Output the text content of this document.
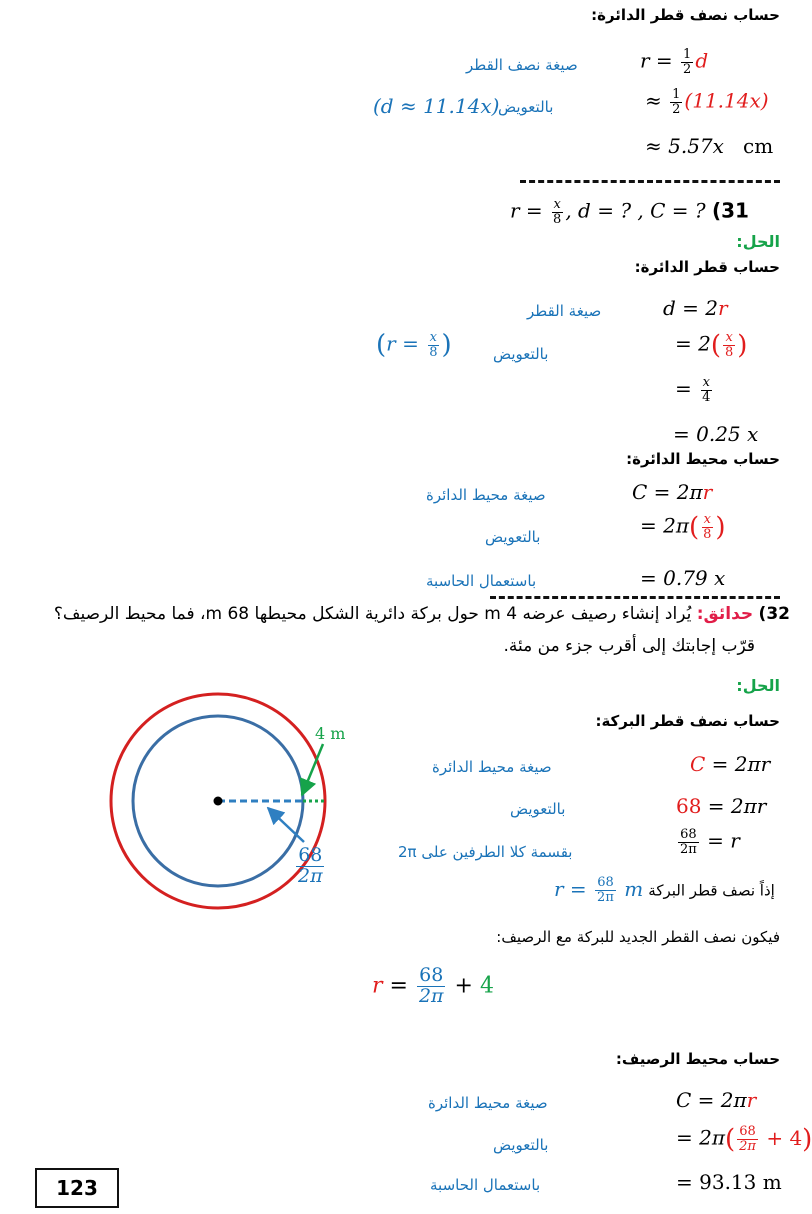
حساب نصف قطر الدائرة:
صيغة نصف القطر	$r = \frac{1}{2}$ d
(d ≈ 11.14x)
بالتعويض	≈ $\frac{1}{2} (11.14x)$
≈ 5.57x cm
$r = \frac{x}{8}$ , d = ? , C = ? (31
الحل:
حساب قطر الدائرة:
صيغة القطر	d = 2r
($r = \frac{x}{8}$ )	بالتعويض	= $2( \frac{x}{8}$ )
= $\frac{x}{4}$
= 0.25 x
حساب محيط الدائرة:
صيغة محيط الدائرة	C = 2πr
بالتعويض	= $2\pi( \frac{x}{8}$ )
باستعمال الحاسبة	= 0.79 x
32) حدائق: يُراد إنشاء رصيف عرضه 4 m حول بركة دائرية الشكل محيطها 68 m، فما محيط الرصيف؟
قرّب إجابتك إلى أقرب جزء من مئة.
الحل:
4 m
$\frac{68}{2\pi}$
حساب نصف قطر البركة:
صيغة محيط الدائرة	C = 2πr
بالتعويض	68 = 2πr
بقسمة كلا الطرفين على 2π	$\frac{68}{2\pi} = r$
$r = \frac{68}{2\pi}$ m إذاً نصف قطر البركة
فيكون نصف القطر الجديد للبركة مع الرصيف:
$r = \frac{68}{2\pi} + 4$
حساب محيط الرصيف:
صيغة محيط الدائرة	C = 2πr
بالتعويض	= $2\pi( \frac{68}{2\pi} + 4)$
باستعمال الحاسبة	= 93.13 m
123
